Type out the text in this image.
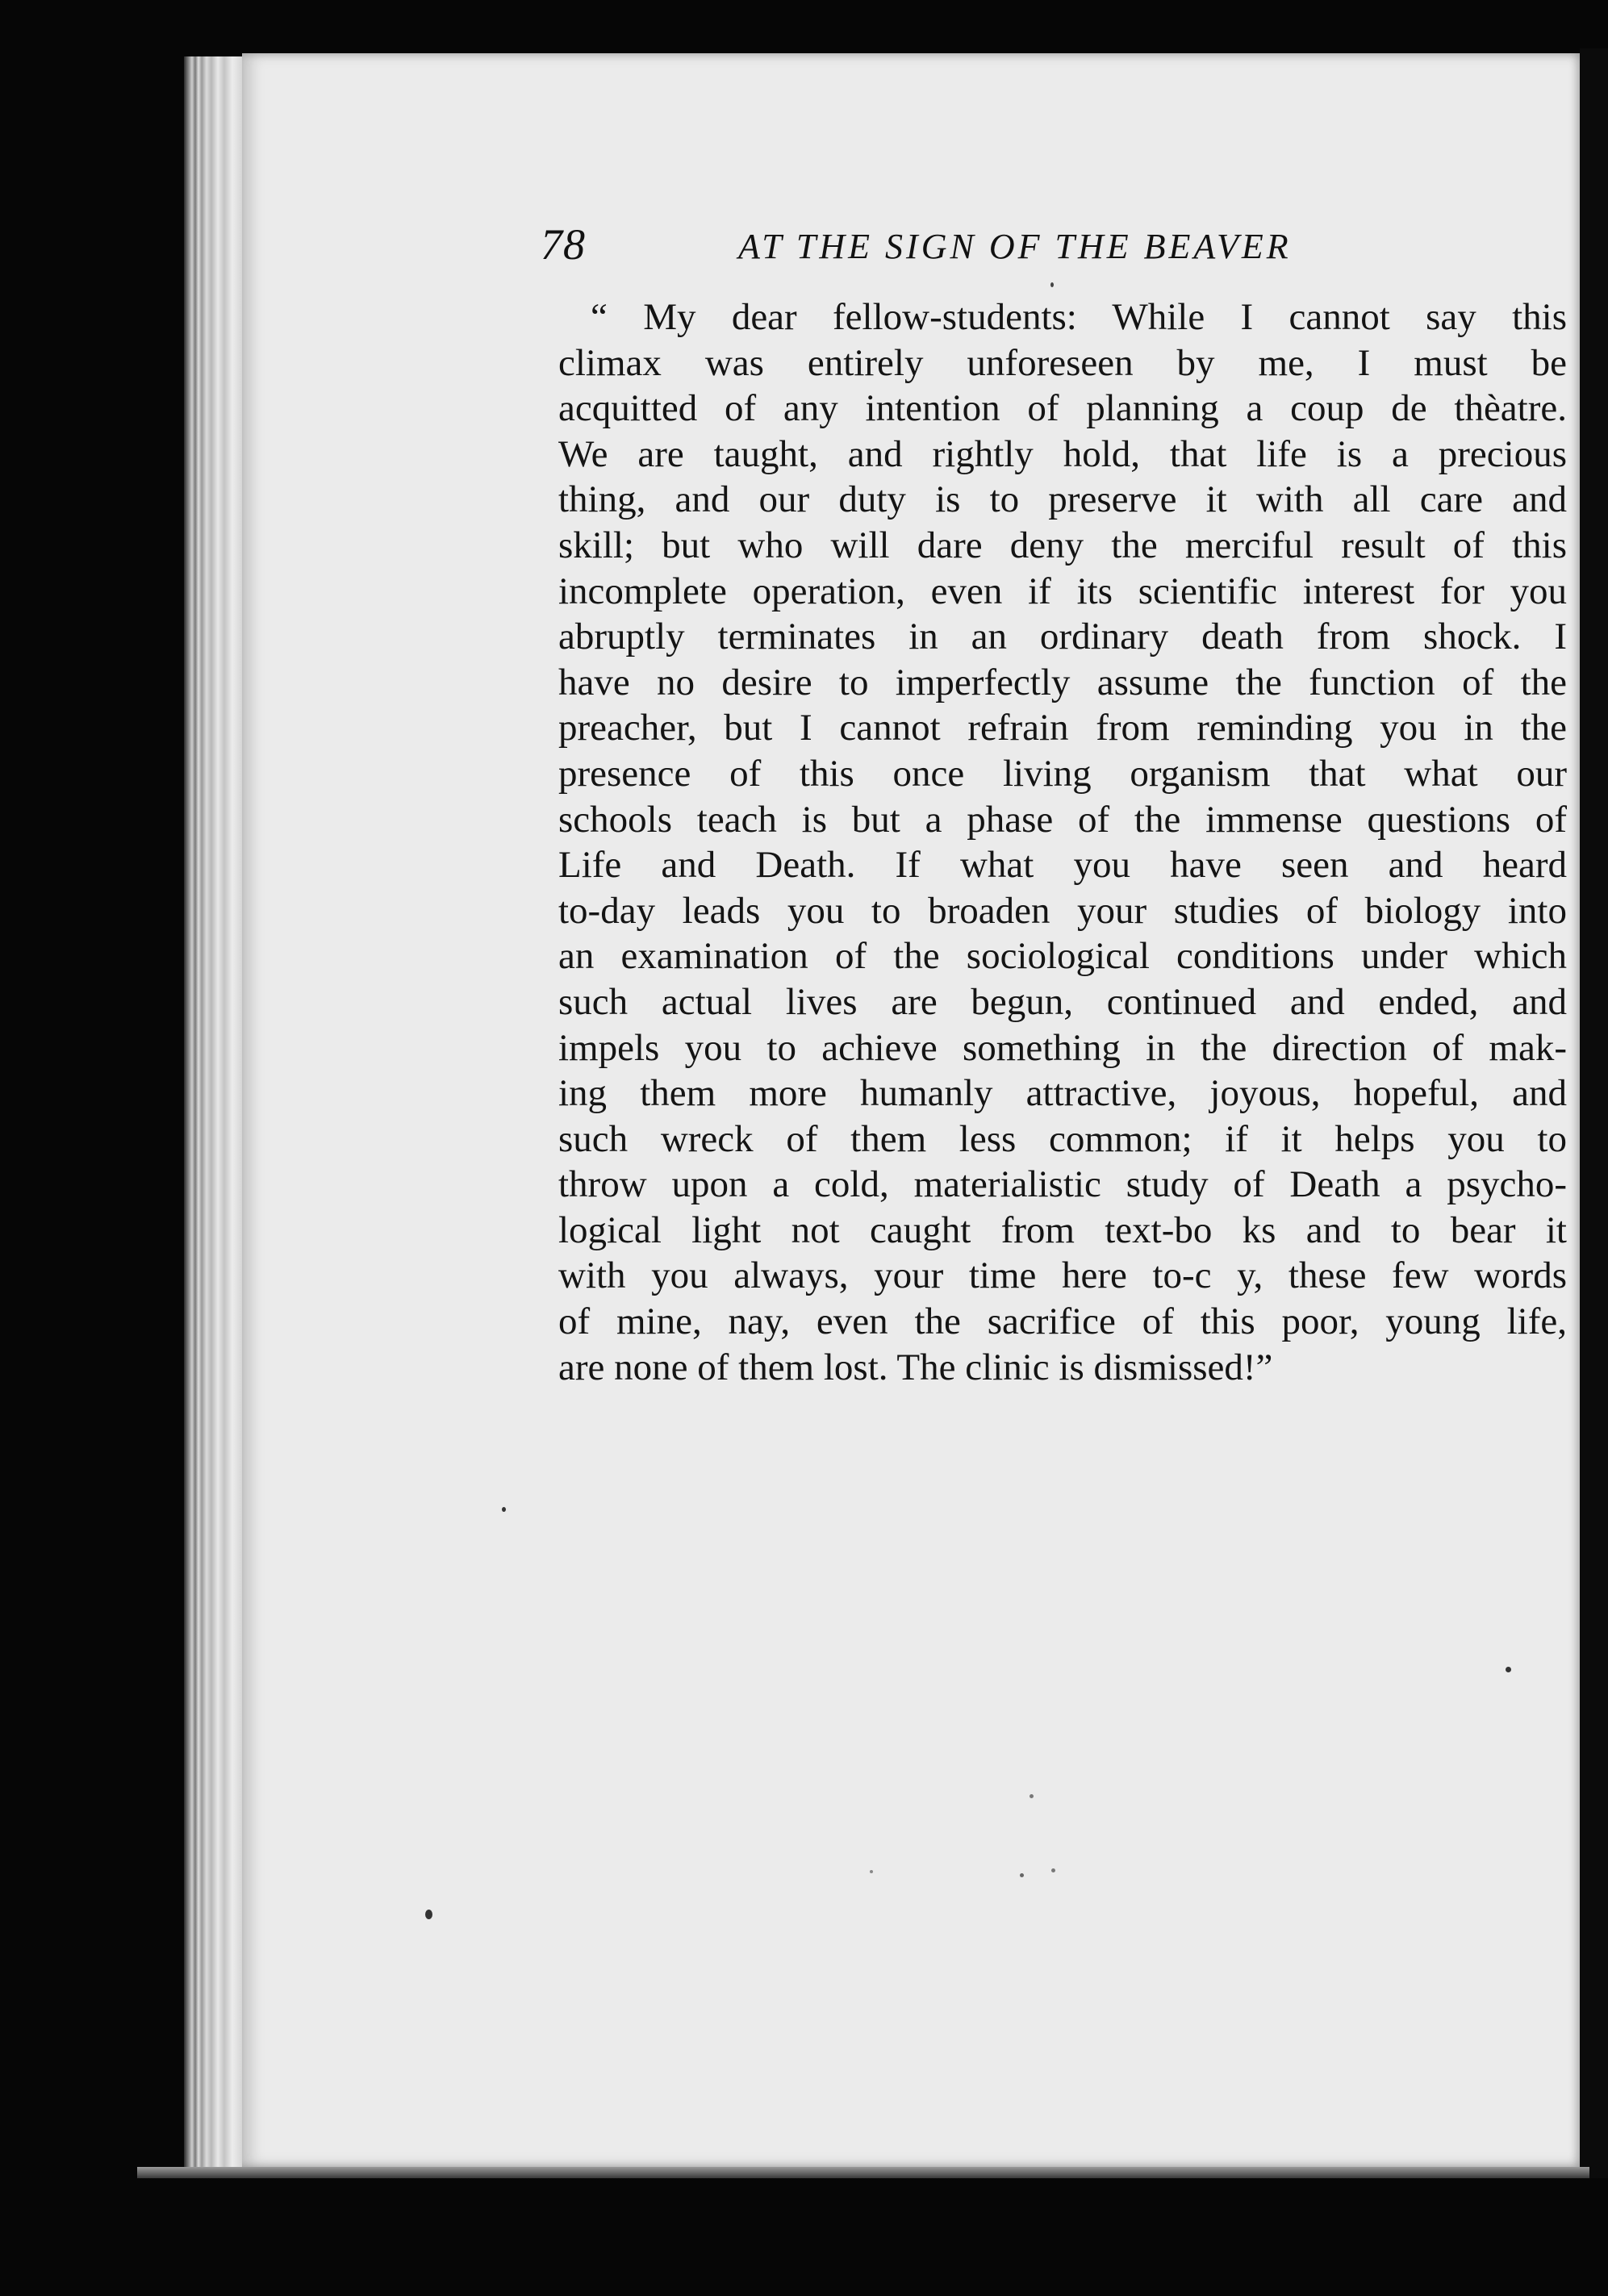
78	AT THE SIGN OF THE BEAVER
“ My dear fellow-students: While I cannot say this
climax was entirely unforeseen by me, I must be
acquitted of any intention of planning a coup de thèatre.
We are taught, and rightly hold, that life is a precious
thing, and our duty is to preserve it with all care and
skill; but who will dare deny the merciful result of this
incomplete operation, even if its scientific interest for you
abruptly terminates in an ordinary death from shock. I
have no desire to imperfectly assume the function of the
preacher, but I cannot refrain from reminding you in the
presence of this once living organism that what our
schools teach is but a phase of the immense questions of
Life and Death. If what you have seen and heard
to-day leads you to broaden your studies of biology into
an examination of the sociological conditions under which
such actual lives are begun, continued and ended, and
impels you to achieve something in the direction of mak-
ing them more humanly attractive, joyous, hopeful, and
such wreck of them less common; if it helps you to
throw upon a cold, materialistic study of Death a psycho-
logical light not caught from text-bo ks and to bear it
with you always, your time here to-c y, these few words
of mine, nay, even the sacrifice of this poor, young life,
are none of them lost. The clinic is dismissed!”
